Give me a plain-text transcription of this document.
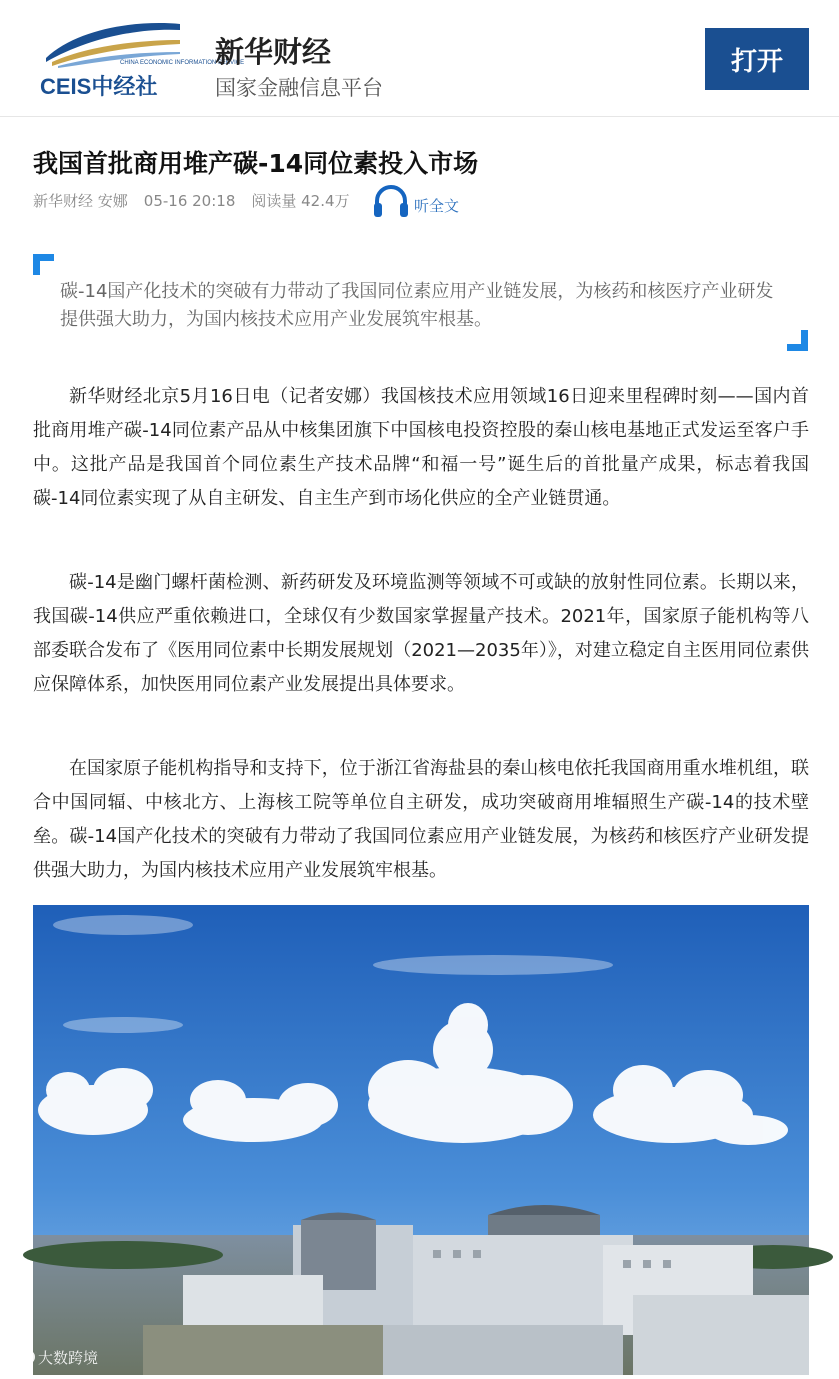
CHINA ECONOMIC INFORMATION SERVICE
CEIS中经社
新华财经
国家金融信息平台
打开
我国首批商用堆产碳-14同位素投入市场
新华财经 安娜 05-16 20:18 阅读量 42.4万	听全文
碳-14国产化技术的突破有力带动了我国同位素应用产业链发展，为核药和核医疗产业研发提供强大助力，为国内核技术应用产业发展筑牢根基。

新华财经北京5月16日电（记者安娜）我国核技术应用领域16日迎来里程碑时刻——国内首批商用堆产碳-14同位素产品从中核集团旗下中国核电投资控股的秦山核电基地正式发运至客户手中。这批产品是我国首个同位素生产技术品牌“和福一号”诞生后的首批量产成果，标志着我国碳-14同位素实现了从自主研发、自主生产到市场化供应的全产业链贯通。

碳-14是幽门螺杆菌检测、新药研发及环境监测等领域不可或缺的放射性同位素。长期以来，我国碳-14供应严重依赖进口，全球仅有少数国家掌握量产技术。2021年，国家原子能机构等八部委联合发布了《医用同位素中长期发展规划（2021—2035年）》，对建立稳定自主医用同位素供应保障体系，加快医用同位素产业发展提出具体要求。

在国家原子能机构指导和支持下，位于浙江省海盐县的秦山核电依托我国商用重水堆机组，联合中国同辐、中核北方、上海核工院等单位自主研发，成功突破商用堆辐照生产碳-14的技术壁垒。碳-14国产化技术的突破有力带动了我国同位素应用产业链发展，为核药和核医疗产业研发提供强大助力，为国内核技术应用产业发展筑牢根基。

大数跨境
